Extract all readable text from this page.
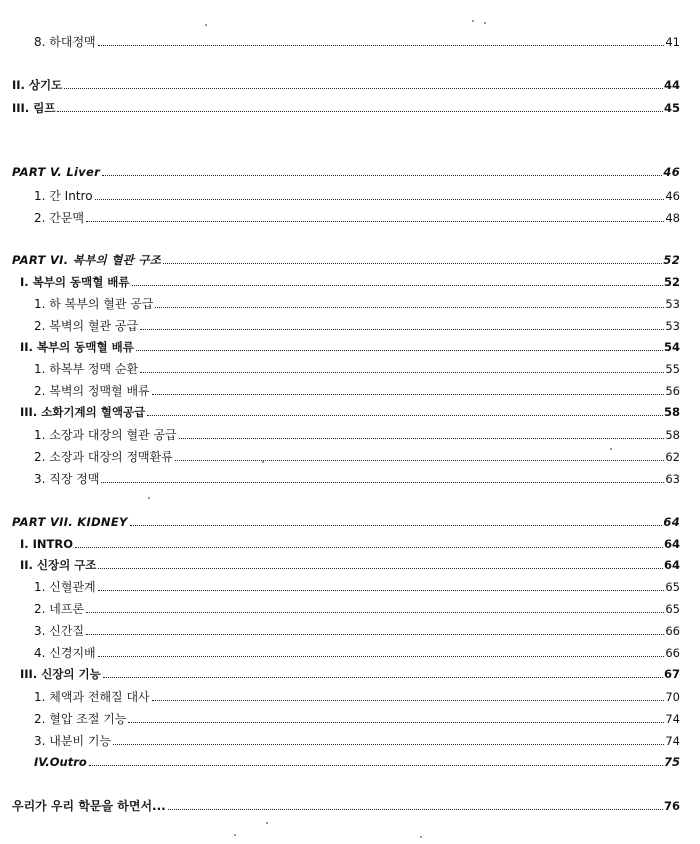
8. 하대정맥	41
II. 상기도	44
III. 림프	45
PART V. Liver	46
1. 간 Intro	46
2. 간문맥	48
PART VI. 복부의 혈관 구조	52
I. 복부의 동맥혈 배류	52
1. 하 복부의 혈관 공급	53
2. 복벽의 혈관 공급	53
II. 복부의 동맥혈 배류	54
1. 하복부 정맥 순환	55
2. 복벽의 정맥혈 배류	56
III. 소화기계의 혈액공급	58
1. 소장과 대장의 혈관 공급	58
2. 소장과 대장의 정맥환류	62
3. 직장 정맥	63
PART VII. KIDNEY	64
I. INTRO	64
II. 신장의 구조	64
1. 신혈관계	65
2. 네프론	65
3. 신간질	66
4. 신경지배	66
III. 신장의 기능	67
1. 체액과 전해질 대사	70
2. 혈압 조절 기능	74
3. 내분비 기능	74
IV.Outro	75
우리가 우리 학문을 하면서...	76
